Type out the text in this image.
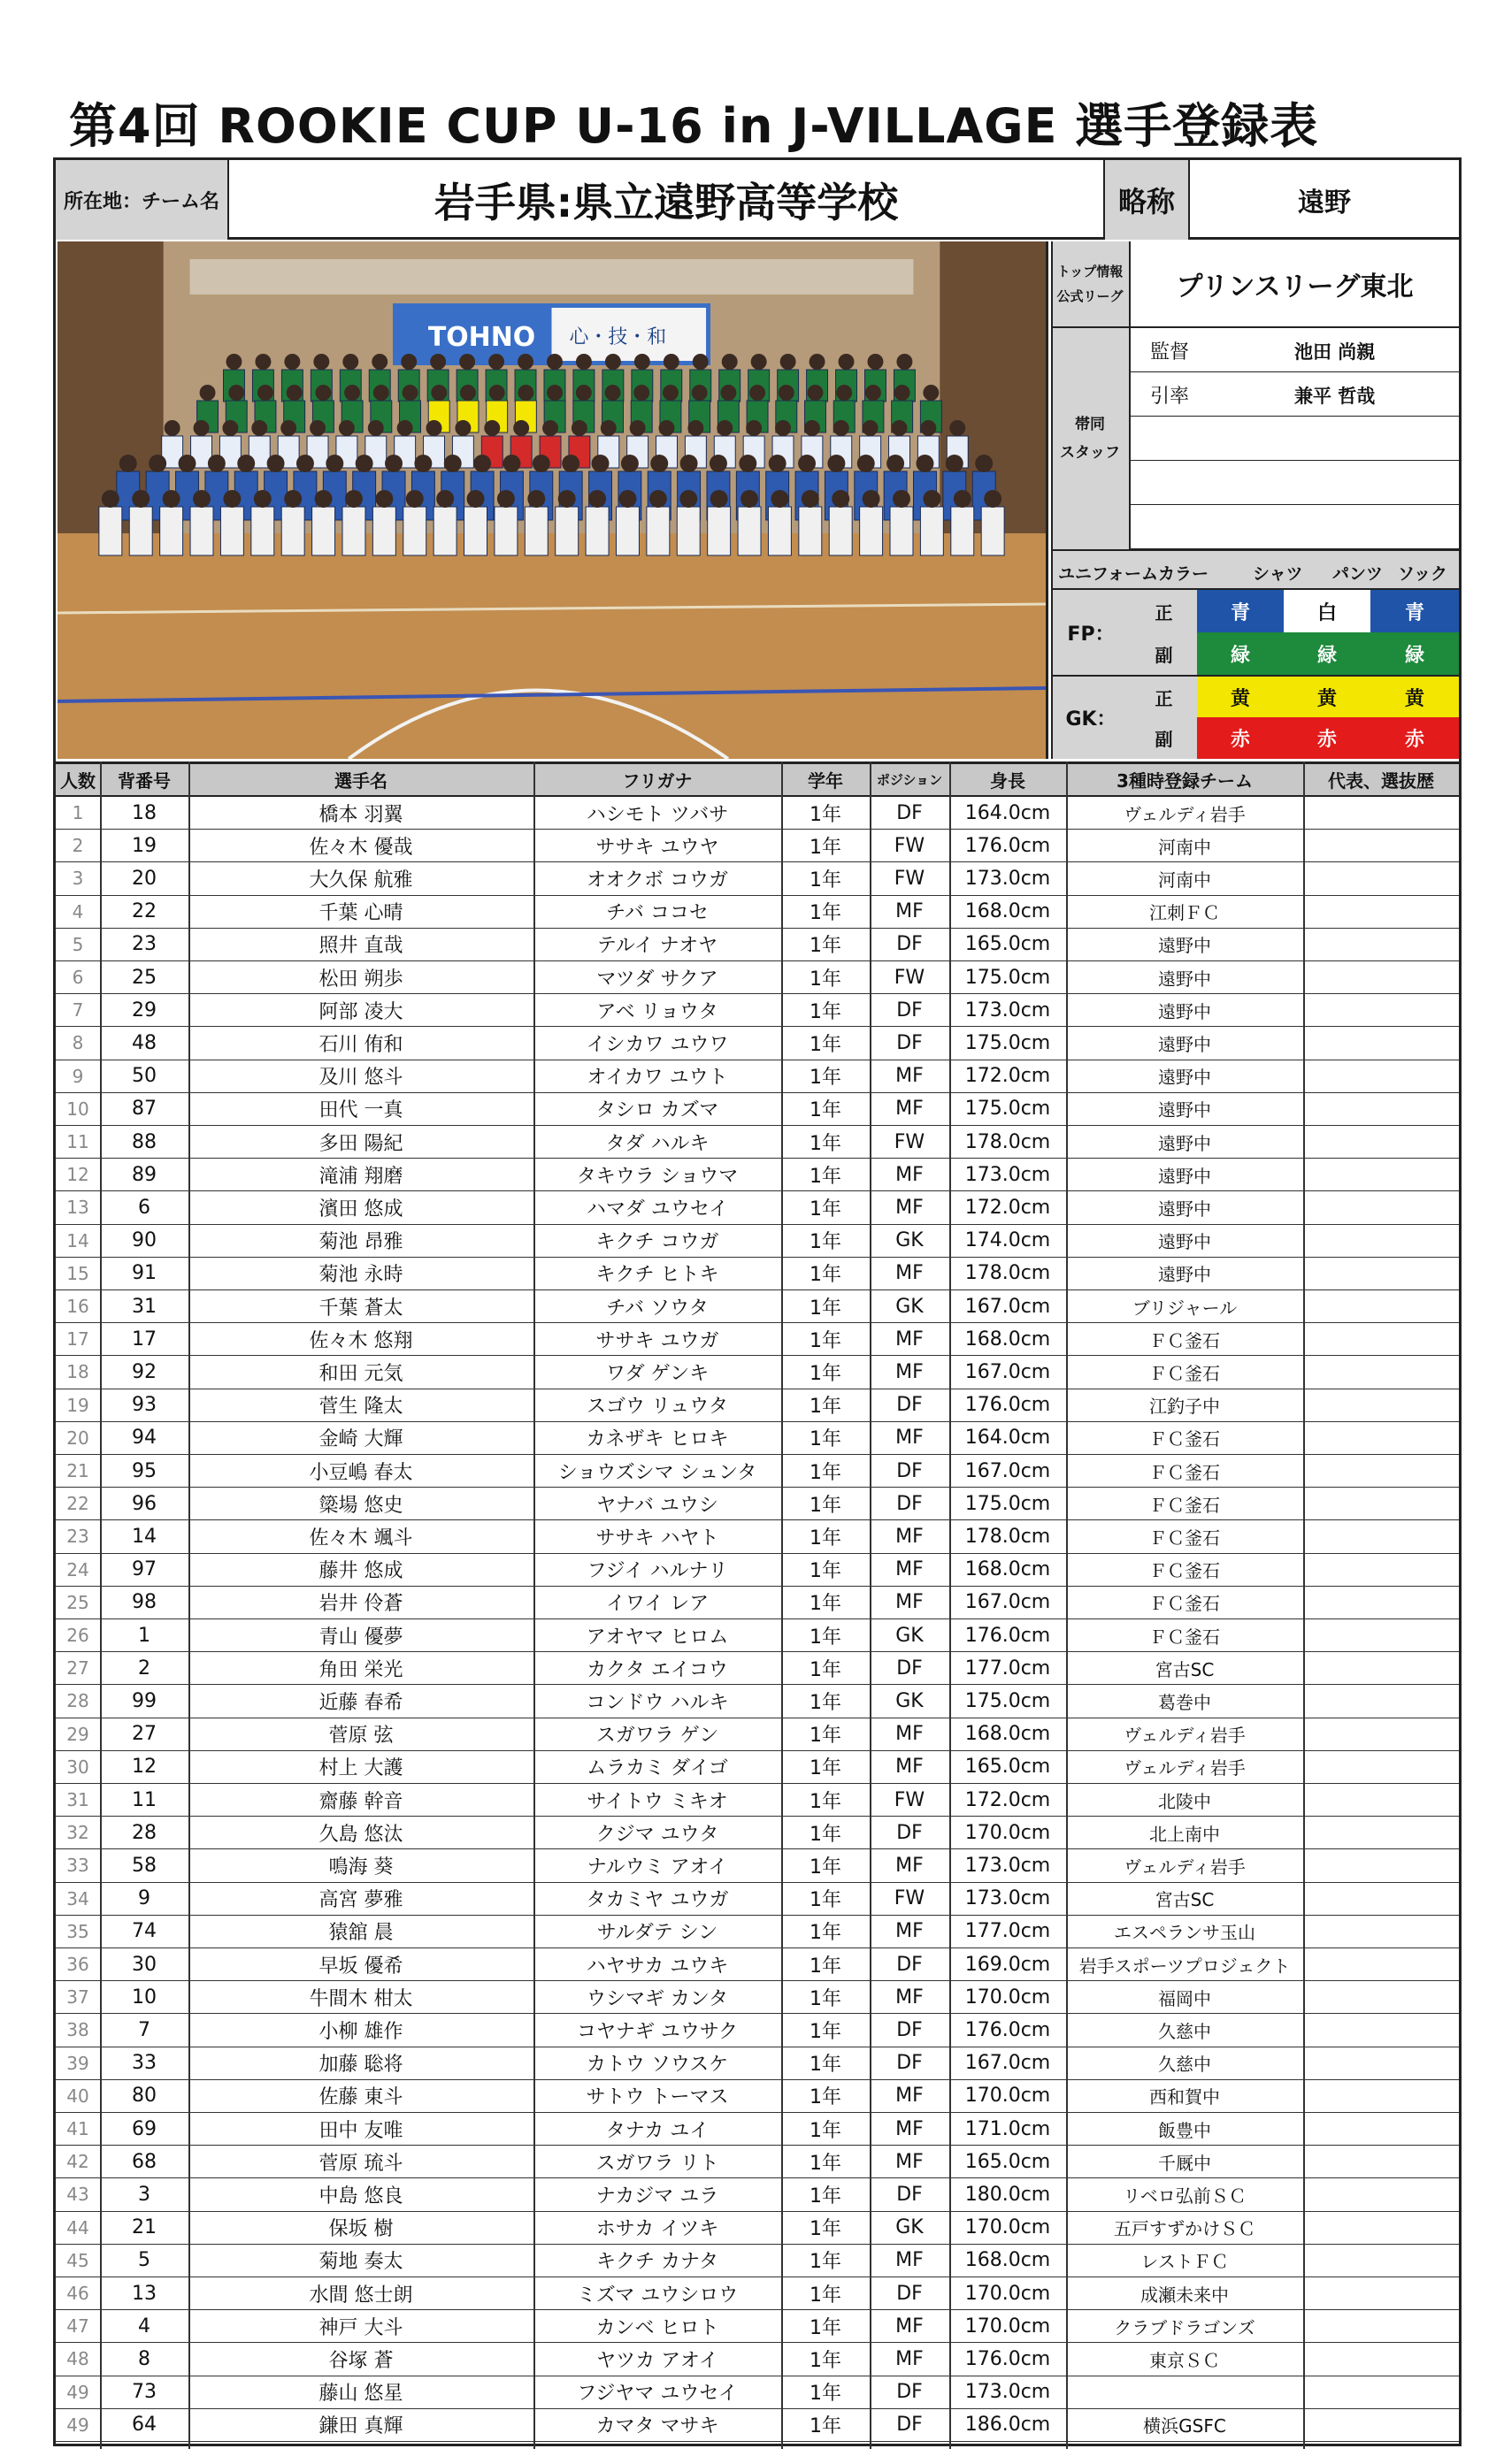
第4回 ROOKIE CUP U-16 in J-VILLAGE 選手登録表
所在地：チーム名	岩手県:県立遠野高等学校	略称	遠野
TOHNO 心・技・和
トップ情報
公式リーグ	プリンスリーグ東北
帯同
スタッフ
監督	池田 尚親
引率	兼平 哲哉
ユニフォームカラー	シャツ パンツ ソック
FP：
正
副
青	白	青
緑	緑	緑
GK：
正
副
黄	黄	黄
赤	赤	赤
人数	背番号	選手名	フリガナ	学年	ポジション	身長	3種時登録チーム	代表、選抜歴
1	18	橋本 羽翼	ハシモト ツバサ	1年	DF	164.0cm	ヴェルディ岩手
2	19	佐々木 優哉	ササキ ユウヤ	1年	FW	176.0cm	河南中
3	20	大久保 航雅	オオクボ コウガ	1年	FW	173.0cm	河南中
4	22	千葉 心晴	チバ ココセ	1年	MF	168.0cm	江刺ＦＣ
5	23	照井 直哉	テルイ ナオヤ	1年	DF	165.0cm	遠野中
6	25	松田 朔歩	マツダ サクア	1年	FW	175.0cm	遠野中
7	29	阿部 凌大	アベ リョウタ	1年	DF	173.0cm	遠野中
8	48	石川 侑和	イシカワ ユウワ	1年	DF	175.0cm	遠野中
9	50	及川 悠斗	オイカワ ユウト	1年	MF	172.0cm	遠野中
10	87	田代 一真	タシロ カズマ	1年	MF	175.0cm	遠野中
11	88	多田 陽紀	タダ ハルキ	1年	FW	178.0cm	遠野中
12	89	滝浦 翔磨	タキウラ ショウマ	1年	MF	173.0cm	遠野中
13	6	濱田 悠成	ハマダ ユウセイ	1年	MF	172.0cm	遠野中
14	90	菊池 昂雅	キクチ コウガ	1年	GK	174.0cm	遠野中
15	91	菊池 永時	キクチ ヒトキ	1年	MF	178.0cm	遠野中
16	31	千葉 蒼太	チバ ソウタ	1年	GK	167.0cm	ブリジャール
17	17	佐々木 悠翔	ササキ ユウガ	1年	MF	168.0cm	ＦＣ釜石
18	92	和田 元気	ワダ ゲンキ	1年	MF	167.0cm	ＦＣ釜石
19	93	菅生 隆太	スゴウ リュウタ	1年	DF	176.0cm	江釣子中
20	94	金崎 大輝	カネザキ ヒロキ	1年	MF	164.0cm	ＦＣ釜石
21	95	小豆嶋 春太	ショウズシマ シュンタ	1年	DF	167.0cm	ＦＣ釜石
22	96	簗場 悠史	ヤナバ ユウシ	1年	DF	175.0cm	ＦＣ釜石
23	14	佐々木 颯斗	ササキ ハヤト	1年	MF	178.0cm	ＦＣ釜石
24	97	藤井 悠成	フジイ ハルナリ	1年	MF	168.0cm	ＦＣ釜石
25	98	岩井 伶蒼	イワイ レア	1年	MF	167.0cm	ＦＣ釜石
26	1	青山 優夢	アオヤマ ヒロム	1年	GK	176.0cm	ＦＣ釜石
27	2	角田 栄光	カクタ エイコウ	1年	DF	177.0cm	宮古SC
28	99	近藤 春希	コンドウ ハルキ	1年	GK	175.0cm	葛巻中
29	27	菅原 弦	スガワラ ゲン	1年	MF	168.0cm	ヴェルディ岩手
30	12	村上 大護	ムラカミ ダイゴ	1年	MF	165.0cm	ヴェルディ岩手
31	11	齋藤 幹音	サイトウ ミキオ	1年	FW	172.0cm	北陵中
32	28	久島 悠汰	クジマ ユウタ	1年	DF	170.0cm	北上南中
33	58	鳴海 葵	ナルウミ アオイ	1年	MF	173.0cm	ヴェルディ岩手
34	9	高宮 夢雅	タカミヤ ユウガ	1年	FW	173.0cm	宮古SC
35	74	猿舘 晨	サルダテ シン	1年	MF	177.0cm	エスペランサ玉山
36	30	早坂 優希	ハヤサカ ユウキ	1年	DF	169.0cm	岩手スポーツプロジェクト
37	10	牛間木 柑太	ウシマギ カンタ	1年	MF	170.0cm	福岡中
38	7	小柳 雄作	コヤナギ ユウサク	1年	DF	176.0cm	久慈中
39	33	加藤 聡将	カトウ ソウスケ	1年	DF	167.0cm	久慈中
40	80	佐藤 東斗	サトウ トーマス	1年	MF	170.0cm	西和賀中
41	69	田中 友唯	タナカ ユイ	1年	MF	171.0cm	飯豊中
42	68	菅原 琉斗	スガワラ リト	1年	MF	165.0cm	千厩中
43	3	中島 悠良	ナカジマ ユラ	1年	DF	180.0cm	リベロ弘前ＳＣ
44	21	保坂 樹	ホサカ イツキ	1年	GK	170.0cm	五戸すずかけＳＣ
45	5	菊地 奏太	キクチ カナタ	1年	MF	168.0cm	レストＦＣ
46	13	水間 悠士朗	ミズマ ユウシロウ	1年	DF	170.0cm	成瀬未来中
47	4	神戸 大斗	カンベ ヒロト	1年	MF	170.0cm	クラブドラゴンズ
48	8	谷塚 蒼	ヤツカ アオイ	1年	MF	176.0cm	東京ＳＣ
49	73	藤山 悠星	フジヤマ ユウセイ	1年	DF	173.0cm
49	64	鎌田 真輝	カマタ マサキ	1年	DF	186.0cm	横浜GSFC
